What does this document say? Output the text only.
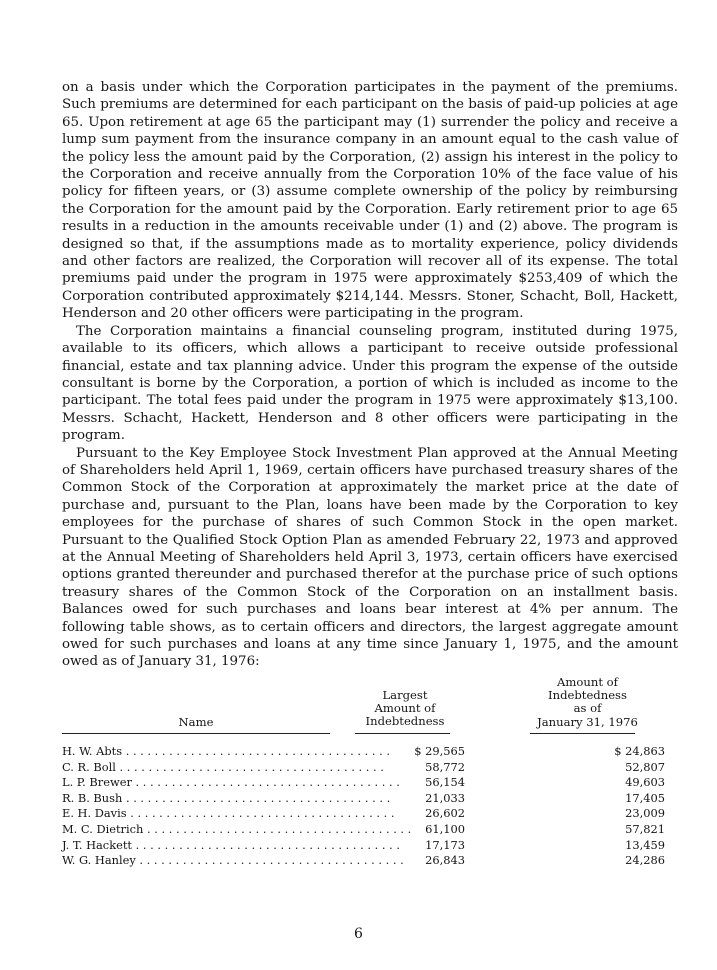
on a basis under which the Corporation participates in the payment of the premiums. Such premiums are determined for each participant on the basis of paid-up policies at age 65. Upon retirement at age 65 the participant may (1) surrender the policy and receive a lump sum payment from the insurance company in an amount equal to the cash value of the policy less the amount paid by the Corporation, (2) assign his interest in the policy to the Corporation and receive annually from the Corporation 10% of the face value of his policy for fifteen years, or (3) assume complete ownership of the policy by reimbursing the Corporation for the amount paid by the Corporation. Early retirement prior to age 65 results in a reduction in the amounts receivable under (1) and (2) above. The program is designed so that, if the assumptions made as to mortality experience, policy dividends and other factors are realized, the Corporation will recover all of its expense. The total premiums paid under the program in 1975 were approximately $253,409 of which the Corporation contributed approximately $214,144. Messrs. Stoner, Schacht, Boll, Hackett, Henderson and 20 other officers were participating in the program.

The Corporation maintains a financial counseling program, instituted during 1975, available to its officers, which allows a participant to receive outside professional financial, estate and tax planning advice. Under this program the expense of the outside consultant is borne by the Corporation, a portion of which is included as income to the participant. The total fees paid under the program in 1975 were approximately $13,100. Messrs. Schacht, Hackett, Henderson and 8 other officers were participating in the program.

Pursuant to the Key Employee Stock Investment Plan approved at the Annual Meeting of Shareholders held April 1, 1969, certain officers have purchased treasury shares of the Common Stock of the Corporation at approximately the market price at the date of purchase and, pursuant to the Plan, loans have been made by the Corporation to key employees for the purchase of shares of such Common Stock in the open market. Pursuant to the Qualified Stock Option Plan as amended February 22, 1973 and approved at the Annual Meeting of Shareholders held April 3, 1973, certain officers have exercised options granted thereunder and purchased therefor at the purchase price of such options treasury shares of the Common Stock of the Corporation on an installment basis. Balances owed for such purchases and loans bear interest at 4% per annum. The following table shows, as to certain officers and directors, the largest aggregate amount owed for such purchases and loans at any time since January 1, 1975, and the amount owed as of January 31, 1976:

Name
Largest
Amount of
Indebtedness
Amount of
Indebtedness
as of
January 31, 1976
H. W. Abts . . . . . . . . . . . . . . . . . . . . . . . . . . . . . . . . . . . . .	$ 29,565	$ 24,863
C. R. Boll . . . . . . . . . . . . . . . . . . . . . . . . . . . . . . . . . . . . .	58,772	52,807
L. P. Brewer . . . . . . . . . . . . . . . . . . . . . . . . . . . . . . . . . . . . .	56,154	49,603
R. B. Bush . . . . . . . . . . . . . . . . . . . . . . . . . . . . . . . . . . . . .	21,033	17,405
E. H. Davis . . . . . . . . . . . . . . . . . . . . . . . . . . . . . . . . . . . . .	26,602	23,009
M. C. Dietrich . . . . . . . . . . . . . . . . . . . . . . . . . . . . . . . . . . . . .	61,100	57,821
J. T. Hackett . . . . . . . . . . . . . . . . . . . . . . . . . . . . . . . . . . . . .	17,173	13,459
W. G. Hanley . . . . . . . . . . . . . . . . . . . . . . . . . . . . . . . . . . . . .	26,843	24,286
6
